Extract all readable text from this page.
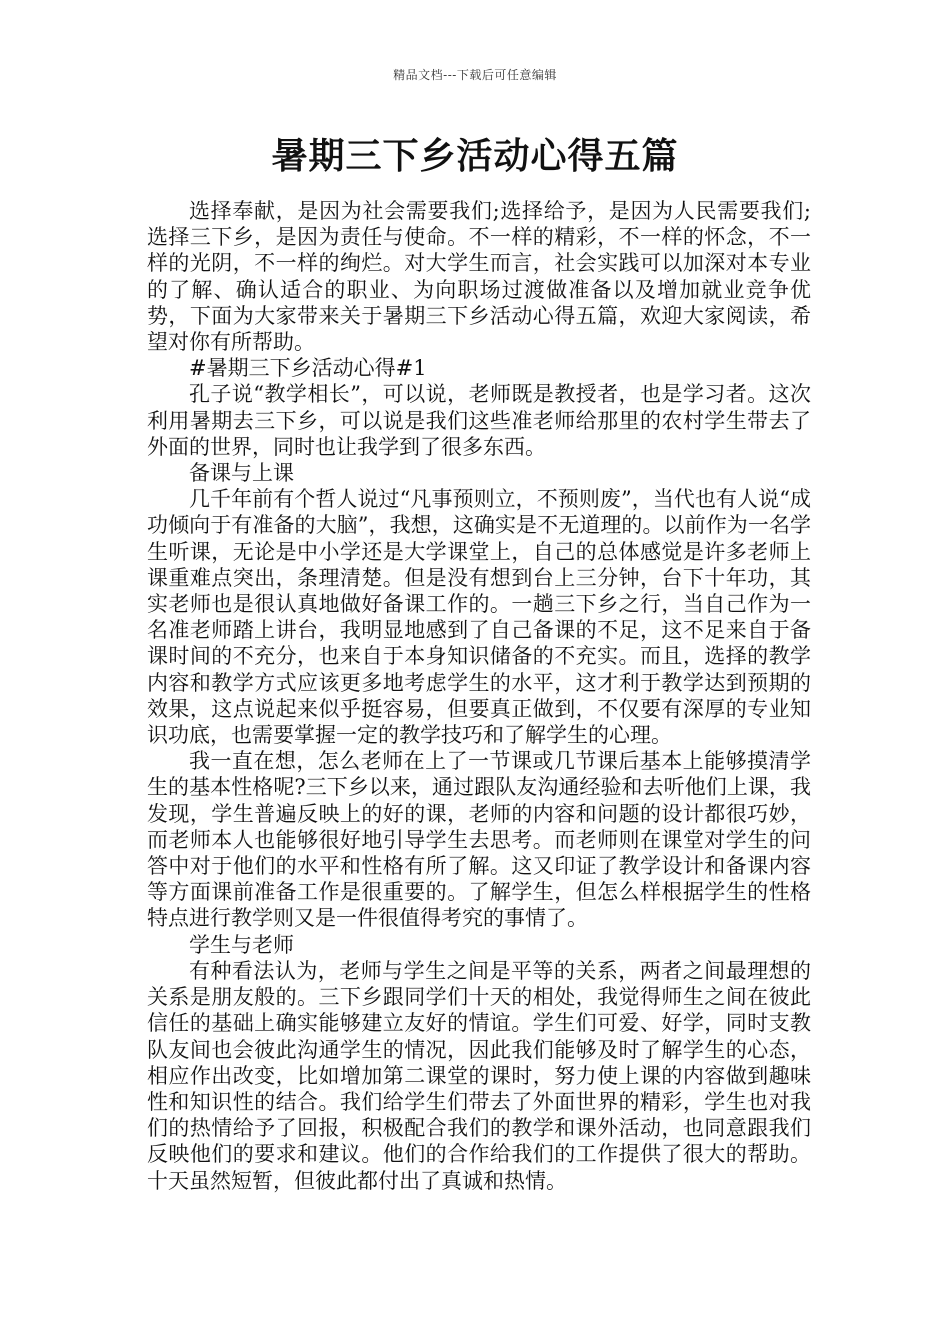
精品文档---下载后可任意编辑
暑期三下乡活动心得五篇

选择奉献，是因为社会需要我们;选择给予，是因为人民需要我们;选择三下乡，是因为责任与使命。不一样的精彩，不一样的怀念，不一样的光阴，不一样的绚烂。对大学生而言，社会实践可以加深对本专业的了解、确认适合的职业、为向职场过渡做准备以及增加就业竞争优势，下面为大家带来关于暑期三下乡活动心得五篇，欢迎大家阅读，希望对你有所帮助。

#暑期三下乡活动心得#1

孔子说“教学相长”，可以说，老师既是教授者，也是学习者。这次利用暑期去三下乡，可以说是我们这些准老师给那里的农村学生带去了外面的世界，同时也让我学到了很多东西。

备课与上课

几千年前有个哲人说过“凡事预则立，不预则废”，当代也有人说“成功倾向于有准备的大脑”，我想，这确实是不无道理的。以前作为一名学生听课，无论是中小学还是大学课堂上，自己的总体感觉是许多老师上课重难点突出，条理清楚。但是没有想到台上三分钟，台下十年功，其实老师也是很认真地做好备课工作的。一趟三下乡之行，当自己作为一名准老师踏上讲台，我明显地感到了自己备课的不足，这不足来自于备课时间的不充分，也来自于本身知识储备的不充实。而且，选择的教学内容和教学方式应该更多地考虑学生的水平，这才利于教学达到预期的效果，这点说起来似乎挺容易，但要真正做到，不仅要有深厚的专业知识功底，也需要掌握一定的教学技巧和了解学生的心理。

我一直在想，怎么老师在上了一节课或几节课后基本上能够摸清学生的基本性格呢?三下乡以来，通过跟队友沟通经验和去听他们上课，我发现，学生普遍反映上的好的课，老师的内容和问题的设计都很巧妙，而老师本人也能够很好地引导学生去思考。而老师则在课堂对学生的问答中对于他们的水平和性格有所了解。这又印证了教学设计和备课内容等方面课前准备工作是很重要的。了解学生，但怎么样根据学生的性格特点进行教学则又是一件很值得考究的事情了。

学生与老师

有种看法认为，老师与学生之间是平等的关系，两者之间最理想的关系是朋友般的。三下乡跟同学们十天的相处，我觉得师生之间在彼此信任的基础上确实能够建立友好的情谊。学生们可爱、好学，同时支教队友间也会彼此沟通学生的情况，因此我们能够及时了解学生的心态，相应作出改变，比如增加第二课堂的课时，努力使上课的内容做到趣味性和知识性的结合。我们给学生们带去了外面世界的精彩，学生也对我们的热情给予了回报，积极配合我们的教学和课外活动，也同意跟我们反映他们的要求和建议。他们的合作给我们的工作提供了很大的帮助。十天虽然短暂，但彼此都付出了真诚和热情。
